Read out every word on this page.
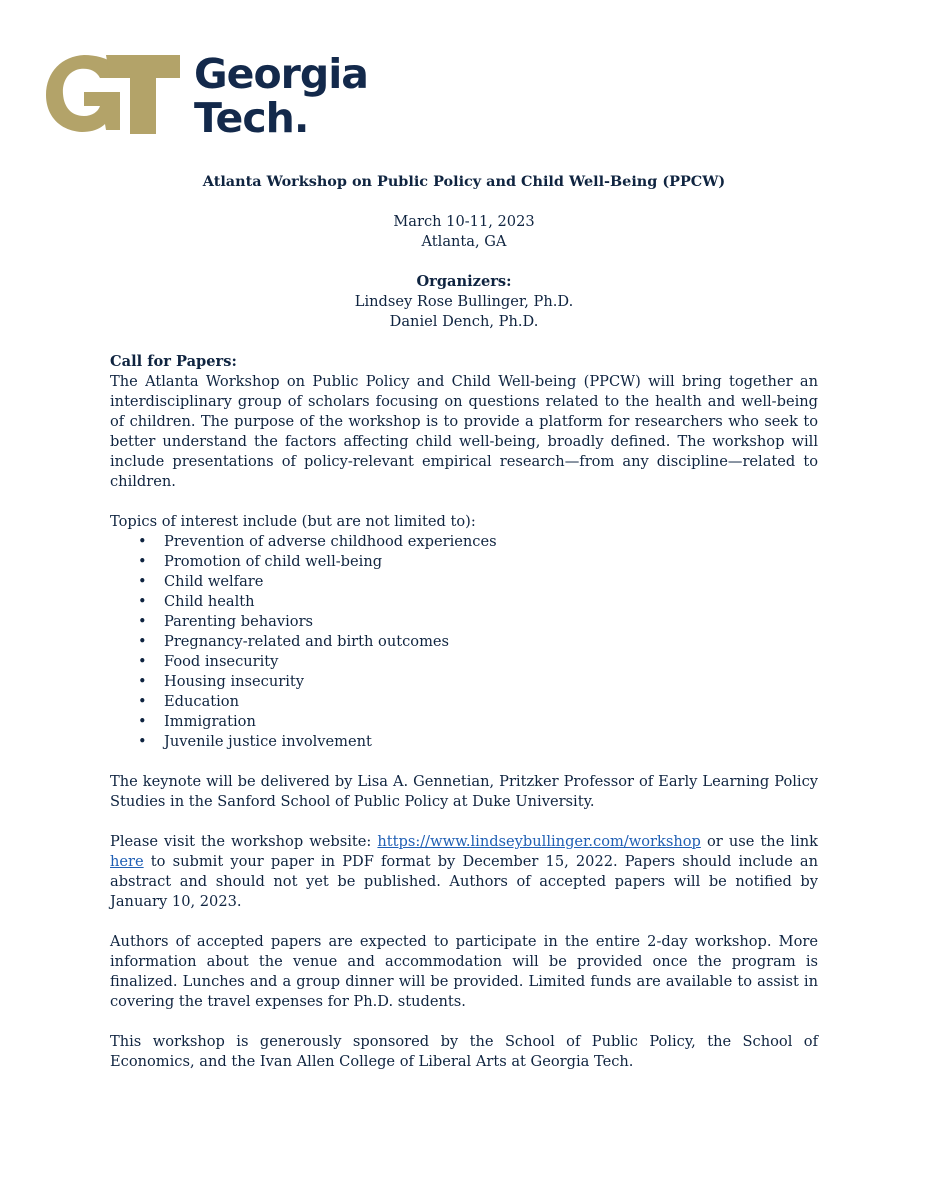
Georgia
Tech.

Atlanta Workshop on Public Policy and Child Well-Being (PPCW)

March 10-11, 2023

Atlanta, GA

Organizers:

Lindsey Rose Bullinger, Ph.D.

Daniel Dench, Ph.D.

Call for Papers:

The Atlanta Workshop on Public Policy and Child Well-being (PPCW) will bring together an interdisciplinary group of scholars focusing on questions related to the health and well-being of children. The purpose of the workshop is to provide a platform for researchers who seek to better understand the factors affecting child well-being, broadly defined. The workshop will include presentations of policy-relevant empirical research—from any discipline—related to children.

Topics of interest include (but are not limited to):

• Prevention of adverse childhood experiences
• Promotion of child well-being
• Child welfare
• Child health
• Parenting behaviors
• Pregnancy-related and birth outcomes
• Food insecurity
• Housing insecurity
• Education
• Immigration
• Juvenile justice involvement

The keynote will be delivered by Lisa A. Gennetian, Pritzker Professor of Early Learning Policy Studies in the Sanford School of Public Policy at Duke University.

Please visit the workshop website: https://www.lindseybullinger.com/workshop or use the link here to submit your paper in PDF format by December 15, 2022. Papers should include an abstract and should not yet be published. Authors of accepted papers will be notified by January 10, 2023.

Authors of accepted papers are expected to participate in the entire 2-day workshop. More information about the venue and accommodation will be provided once the program is finalized. Lunches and a group dinner will be provided. Limited funds are available to assist in covering the travel expenses for Ph.D. students.

This workshop is generously sponsored by the School of Public Policy, the School of Economics, and the Ivan Allen College of Liberal Arts at Georgia Tech.
